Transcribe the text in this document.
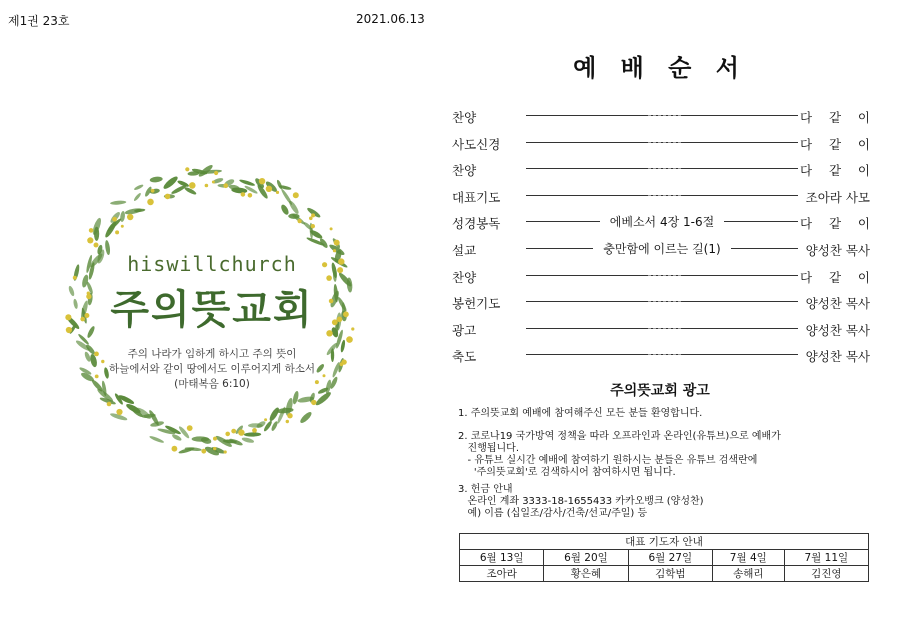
제1권 23호	2021.06.13
hiswillchurch
주의뜻교회
주의 나라가 임하게 하시고 주의 뜻이
하늘에서와 같이 땅에서도 이루어지게 하소서
(마태복음 6:10)
예 배 순 서
찬양	다 같 이
사도신경	다 같 이
찬양	다 같 이
대표기도	조아라 사모
성경봉독	에베소서 4장 1-6절	다 같 이
설교	충만함에 이르는 길(1)	양성찬 목사
찬양	다 같 이
봉헌기도	양성찬 목사
광고	양성찬 목사
축도	양성찬 목사
주의뜻교회 광고
1. 주의뜻교회 예배에 참여해주신 모든 분들 환영합니다.
2. 코로나19 국가방역 정책을 따라 오프라인과 온라인(유튜브)으로 예배가
진행됩니다.
- 유튜브 실시간 예배에 참여하기 원하시는 분들은 유튜브 검색란에
'주의뜻교회'로 검색하시어 참여하시면 됩니다.
3. 헌금 안내
온라인 계좌 3333-18-1655433 카카오뱅크 (양성찬)
예) 이름 (십일조/감사/건축/선교/주일) 등
대표 기도자 안내				
6월 13일	6월 20일	6월 27일	7월 4일	7월 11일
조아라	황은혜	김학범	송해리	김진영
